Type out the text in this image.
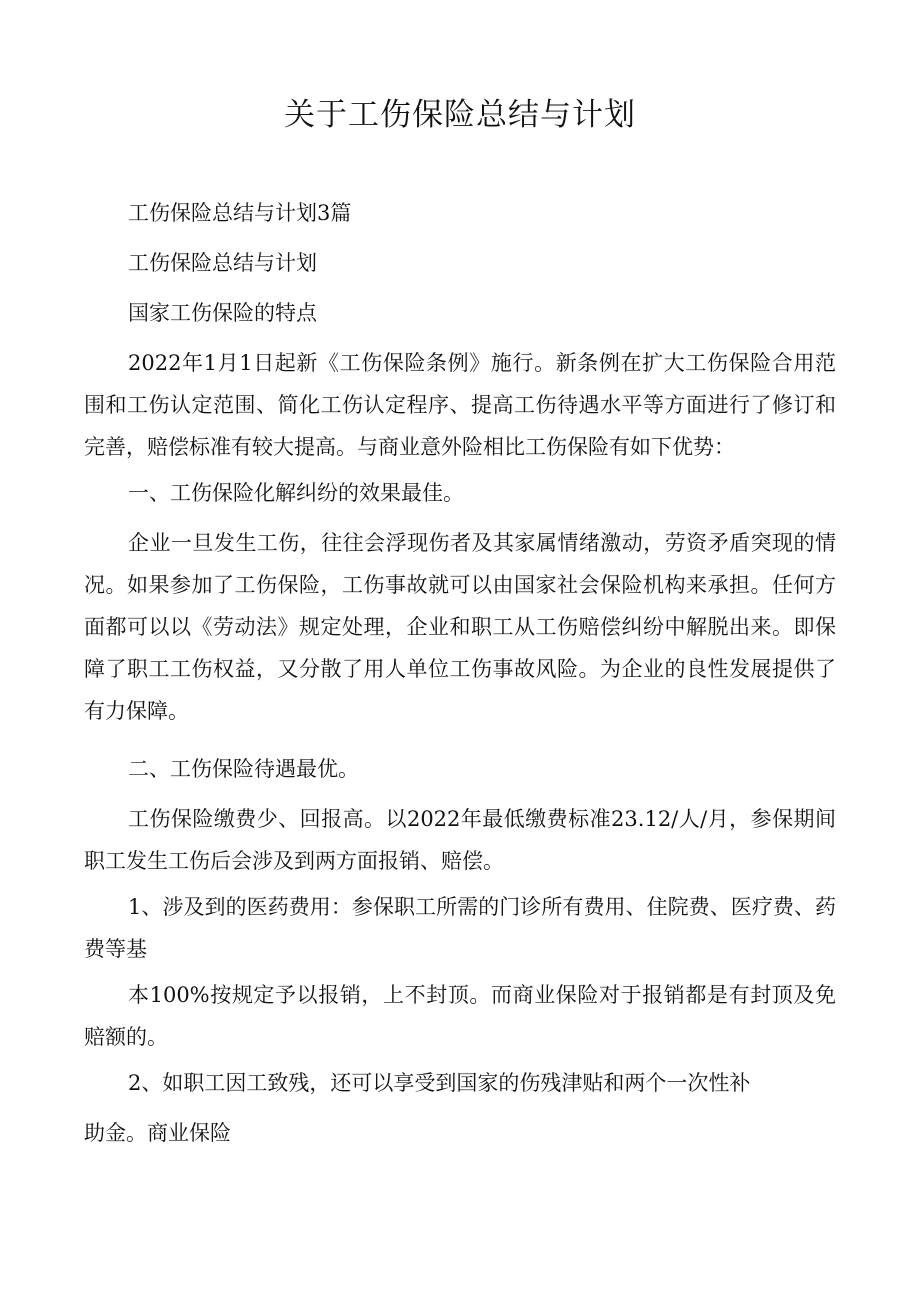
关于工伤保险总结与计划

工伤保险总结与计划3篇

工伤保险总结与计划

国家工伤保险的特点

2022年1月1日起新《工伤保险条例》施行。新条例在扩大工伤保险合用范围和工伤认定范围、简化工伤认定程序、提高工伤待遇水平等方面进行了修订和完善，赔偿标准有较大提高。与商业意外险相比工伤保险有如下优势：

一、工伤保险化解纠纷的效果最佳。

企业一旦发生工伤，往往会浮现伤者及其家属情绪激动，劳资矛盾突现的情况。如果参加了工伤保险，工伤事故就可以由国家社会保险机构来承担。任何方面都可以以《劳动法》规定处理，企业和职工从工伤赔偿纠纷中解脱出来。即保障了职工工伤权益，又分散了用人单位工伤事故风险。为企业的良性发展提供了有力保障。

二、工伤保险待遇最优。

工伤保险缴费少、回报高。以2022年最低缴费标准23.12/人/月，参保期间职工发生工伤后会涉及到两方面报销、赔偿。

1、涉及到的医药费用：参保职工所需的门诊所有费用、住院费、医疗费、药费等基

本100%按规定予以报销，上不封顶。而商业保险对于报销都是有封顶及免赔额的。

2、如职工因工致残，还可以享受到国家的伤残津贴和两个一次性补

助金。商业保险
